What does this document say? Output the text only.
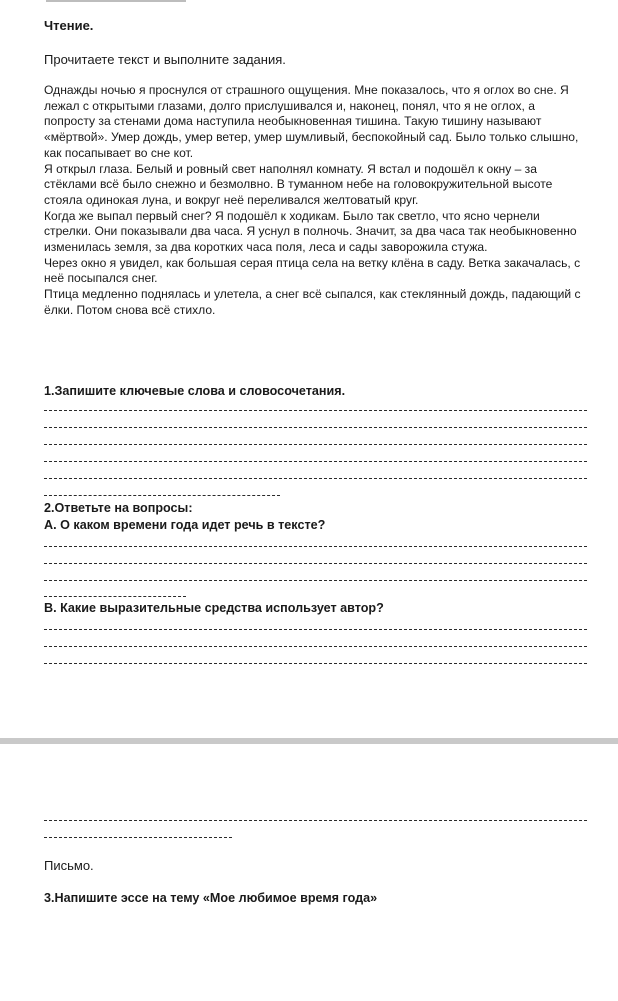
Чтение.

Прочитаете текст и выполните задания.

Однажды ночью я проснулся от страшного ощущения. Мне показалось, что я оглох во сне. Я лежал с открытыми глазами, долго прислушивался и, наконец, понял, что я не оглох, а попросту за стенами дома наступила необыкновенная тишина. Такую тишину называют «мёртвой». Умер дождь, умер ветер, умер шумливый, беспокойный сад. Было только слышно, как посапывает во сне кот.

Я открыл глаза. Белый и ровный свет наполнял комнату. Я встал и подошёл к окну – за стёклами всё было снежно и безмолвно. В туманном небе на головокружительной высоте стояла одинокая луна, и вокруг неё переливался желтоватый круг.

Когда же выпал первый снег? Я подошёл к ходикам. Было так светло, что ясно чернели стрелки. Они показывали два часа. Я уснул в полночь. Значит, за два часа так необыкновенно изменилась земля, за два коротких часа поля, леса и сады заворожила стужа.

Через окно я увидел, как большая серая птица села на ветку клёна в саду. Ветка закачалась, с неё посыпался снег.

Птица медленно поднялась и улетела, а снег всё сыпался, как стеклянный дождь, падающий с ёлки. Потом снова всё стихло.

1.Запишите ключевые слова и словосочетания.

2.Ответьте на вопросы:

А. О каком времени года идет речь в тексте?

В. Какие выразительные средства использует автор?

Письмо.

3.Напишите эссе на тему «Мое любимое время года»
